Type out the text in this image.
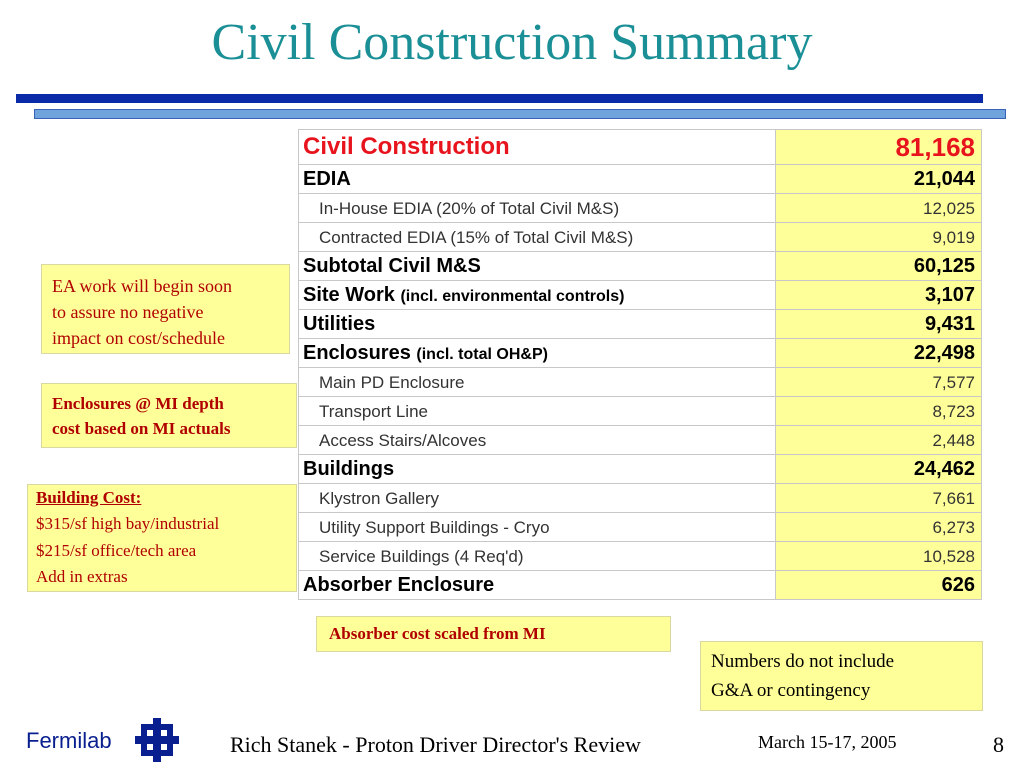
Civil Construction Summary
Civil Construction	81,168
EDIA	21,044
In-House EDIA (20% of Total Civil M&S)	12,025
Contracted EDIA (15% of Total Civil M&S)	9,019
Subtotal Civil M&S	60,125
Site Work (incl. environmental controls)	3,107
Utilities	9,431
Enclosures (incl. total OH&P)	22,498
Main PD Enclosure	7,577
Transport Line	8,723
Access Stairs/Alcoves	2,448
Buildings	24,462
Klystron Gallery	7,661
Utility Support Buildings - Cryo	6,273
Service Buildings (4 Req'd)	10,528
Absorber Enclosure	626
EA work will begin soon
to assure no negative
impact on cost/schedule
Enclosures @ MI depth
cost based on MI actuals
Building Cost:
$315/sf high bay/industrial
$215/sf office/tech area
Add in extras
Absorber cost scaled from MI
Numbers do not include
G&A or contingency
Fermilab	Rich Stanek - Proton Driver Director's Review	March 15-17, 2005	8
